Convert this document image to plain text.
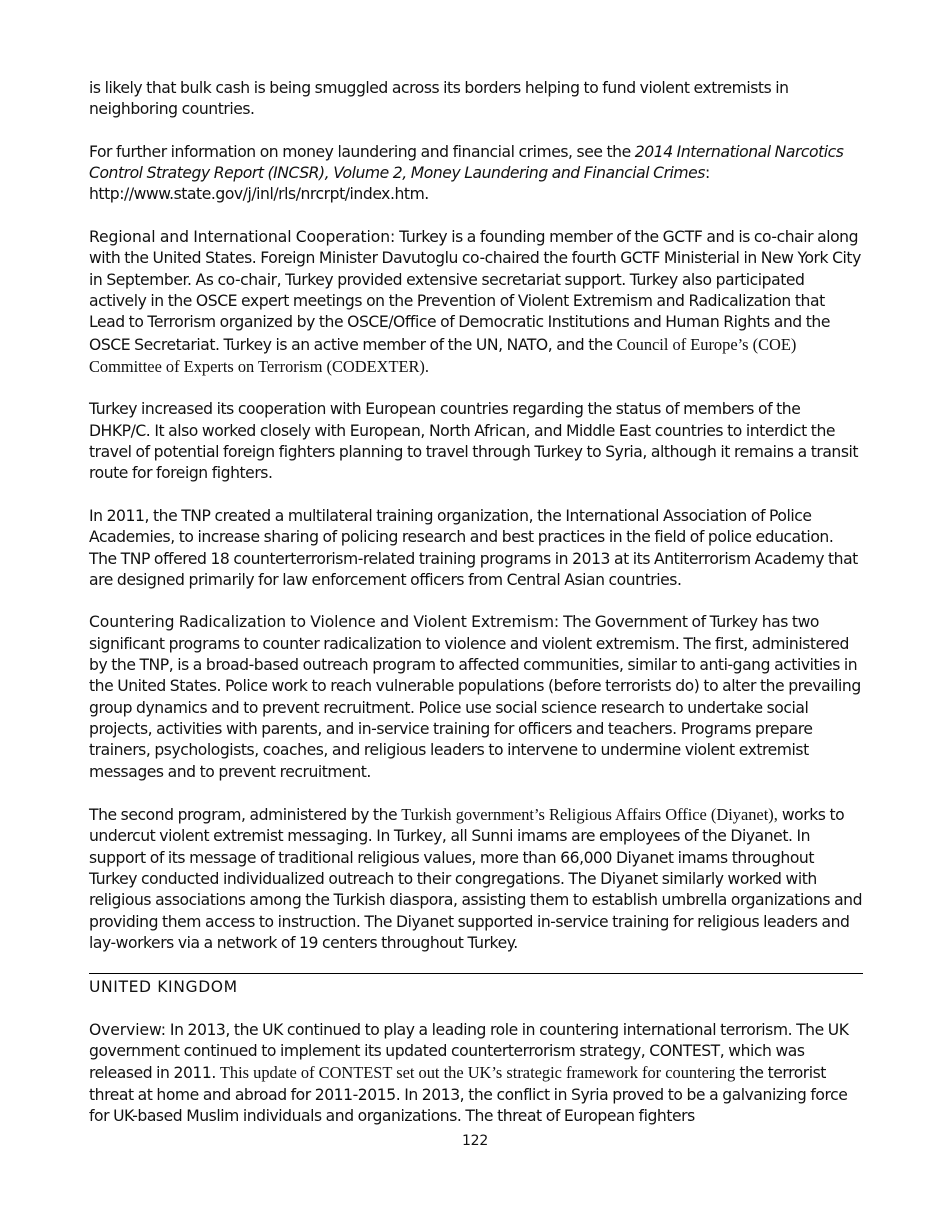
is likely that bulk cash is being smuggled across its borders helping to fund violent extremists in neighboring countries.

For further information on money laundering and financial crimes, see the 2014 International Narcotics Control Strategy Report (INCSR), Volume 2, Money Laundering and Financial Crimes: http://www.state.gov/j/inl/rls/nrcrpt/index.htm.

Regional and International Cooperation: Turkey is a founding member of the GCTF and is co-chair along with the United States. Foreign Minister Davutoglu co-chaired the fourth GCTF Ministerial in New York City in September. As co-chair, Turkey provided extensive secretariat support. Turkey also participated actively in the OSCE expert meetings on the Prevention of Violent Extremism and Radicalization that Lead to Terrorism organized by the OSCE/Office of Democratic Institutions and Human Rights and the OSCE Secretariat. Turkey is an active member of the UN, NATO, and the Council of Europe’s (COE) Committee of Experts on Terrorism (CODEXTER).

Turkey increased its cooperation with European countries regarding the status of members of the DHKP/C. It also worked closely with European, North African, and Middle East countries to interdict the travel of potential foreign fighters planning to travel through Turkey to Syria, although it remains a transit route for foreign fighters.

In 2011, the TNP created a multilateral training organization, the International Association of Police Academies, to increase sharing of policing research and best practices in the field of police education. The TNP offered 18 counterterrorism-related training programs in 2013 at its Antiterrorism Academy that are designed primarily for law enforcement officers from Central Asian countries.

Countering Radicalization to Violence and Violent Extremism: The Government of Turkey has two significant programs to counter radicalization to violence and violent extremism. The first, administered by the TNP, is a broad-based outreach program to affected communities, similar to anti-gang activities in the United States. Police work to reach vulnerable populations (before terrorists do) to alter the prevailing group dynamics and to prevent recruitment. Police use social science research to undertake social projects, activities with parents, and in-service training for officers and teachers. Programs prepare trainers, psychologists, coaches, and religious leaders to intervene to undermine violent extremist messages and to prevent recruitment.

The second program, administered by the Turkish government’s Religious Affairs Office (Diyanet), works to undercut violent extremist messaging. In Turkey, all Sunni imams are employees of the Diyanet. In support of its message of traditional religious values, more than 66,000 Diyanet imams throughout Turkey conducted individualized outreach to their congregations. The Diyanet similarly worked with religious associations among the Turkish diaspora, assisting them to establish umbrella organizations and providing them access to instruction. The Diyanet supported in-service training for religious leaders and lay-workers via a network of 19 centers throughout Turkey.

UNITED KINGDOM

Overview: In 2013, the UK continued to play a leading role in countering international terrorism. The UK government continued to implement its updated counterterrorism strategy, CONTEST, which was released in 2011. This update of CONTEST set out the UK’s strategic framework for countering the terrorist threat at home and abroad for 2011-2015. In 2013, the conflict in Syria proved to be a galvanizing force for UK-based Muslim individuals and organizations. The threat of European fighters

122
